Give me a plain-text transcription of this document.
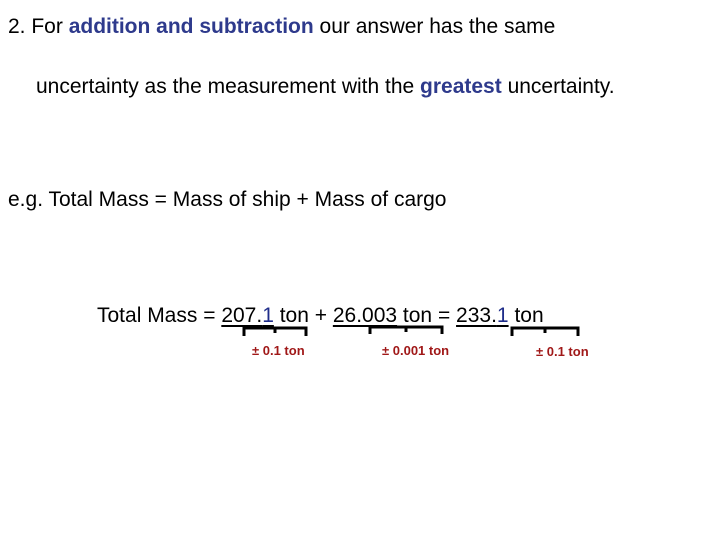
2. For addition and subtraction our answer has the same
uncertainty as the measurement with the greatest uncertainty.
e.g. Total Mass = Mass of ship + Mass of cargo
Total Mass = 207.1 ton + 26.003 ton = 233.1 ton
± 0.1 ton	± 0.001 ton	± 0.1 ton
